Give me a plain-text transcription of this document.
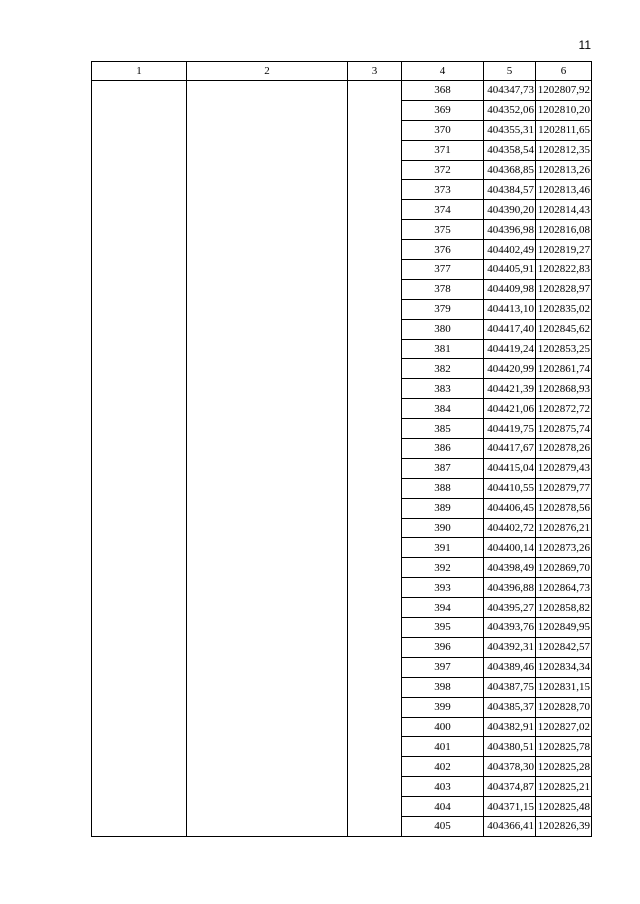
11
1	2	3	4	5	6
			368	404347,73	1202807,92
			369	404352,06	1202810,20
			370	404355,31	1202811,65
			371	404358,54	1202812,35
			372	404368,85	1202813,26
			373	404384,57	1202813,46
			374	404390,20	1202814,43
			375	404396,98	1202816,08
			376	404402,49	1202819,27
			377	404405,91	1202822,83
			378	404409,98	1202828,97
			379	404413,10	1202835,02
			380	404417,40	1202845,62
			381	404419,24	1202853,25
			382	404420,99	1202861,74
			383	404421,39	1202868,93
			384	404421,06	1202872,72
			385	404419,75	1202875,74
			386	404417,67	1202878,26
			387	404415,04	1202879,43
			388	404410,55	1202879,77
			389	404406,45	1202878,56
			390	404402,72	1202876,21
			391	404400,14	1202873,26
			392	404398,49	1202869,70
			393	404396,88	1202864,73
			394	404395,27	1202858,82
			395	404393,76	1202849,95
			396	404392,31	1202842,57
			397	404389,46	1202834,34
			398	404387,75	1202831,15
			399	404385,37	1202828,70
			400	404382,91	1202827,02
			401	404380,51	1202825,78
			402	404378,30	1202825,28
			403	404374,87	1202825,21
			404	404371,15	1202825,48
			405	404366,41	1202826,39
